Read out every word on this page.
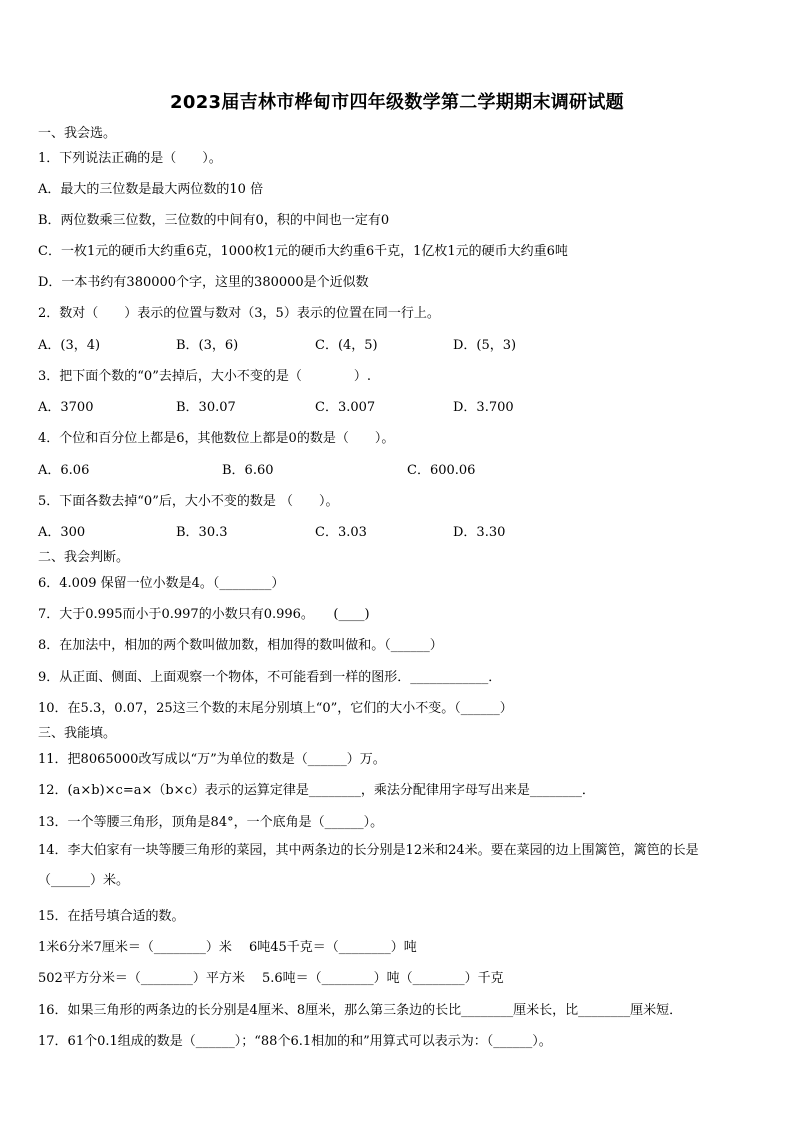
2023届吉林市桦甸市四年级数学第二学期期末调研试题
一、我会选。
1．下列说法正确的是（　　）。
A．最大的三位数是最大两位数的10 倍
B．两位数乘三位数，三位数的中间有0，积的中间也一定有0
C．一枚1元的硬币大约重6克，1000枚1元的硬币大约重6千克，1亿枚1元的硬币大约重6吨
D．一本书约有380000个字，这里的380000是个近似数
2．数对（　　）表示的位置与数对（3，5）表示的位置在同一行上。
A．(3，4)	B．(3，6)	C．(4，5)	D．(5，3)
3．把下面个数的“0”去掉后，大小不变的是（　　　　）.
A．3700	B．30.07	C．3.007	D．3.700
4．个位和百分位上都是6，其他数位上都是0的数是（　　）。
A．6.06	B．6.60	C．600.06
5．下面各数去掉“0”后，大小不变的数是 （　　）。
A．300	B．30.3	C．3.03	D．3.30
二、我会判断。
6．4.009 保留一位小数是4。（________）
7．大于0.995而小于0.997的小数只有0.996。　　(____)
8．在加法中，相加的两个数叫做加数，相加得的数叫做和。（______）
9．从正面、侧面、上面观察一个物体，不可能看到一样的图形．____________．
10．在5.3，0.07，25这三个数的末尾分别填上“0”，它们的大小不变。（______）
三、我能填。
11．把8065000改写成以“万”为单位的数是（______）万。
12．(a×b)×c=a×（b×c）表示的运算定律是________，乘法分配律用字母写出来是________．
13．一个等腰三角形，顶角是84°，一个底角是（______）。
14．李大伯家有一块等腰三角形的菜园，其中两条边的长分别是12米和24米。要在菜园的边上围篱笆，篱笆的长是（______）米。
15．在括号填合适的数。
1米6分米7厘米＝（________）米　 6吨45千克＝（________）吨
502平方分米＝（________）平方米　 5.6吨＝（________）吨（________）千克
16．如果三角形的两条边的长分别是4厘米、8厘米，那么第三条边的长比________厘米长，比________厘米短．
17．61个0.1组成的数是（______）；“88个6.1相加的和”用算式可以表示为：（______）。
